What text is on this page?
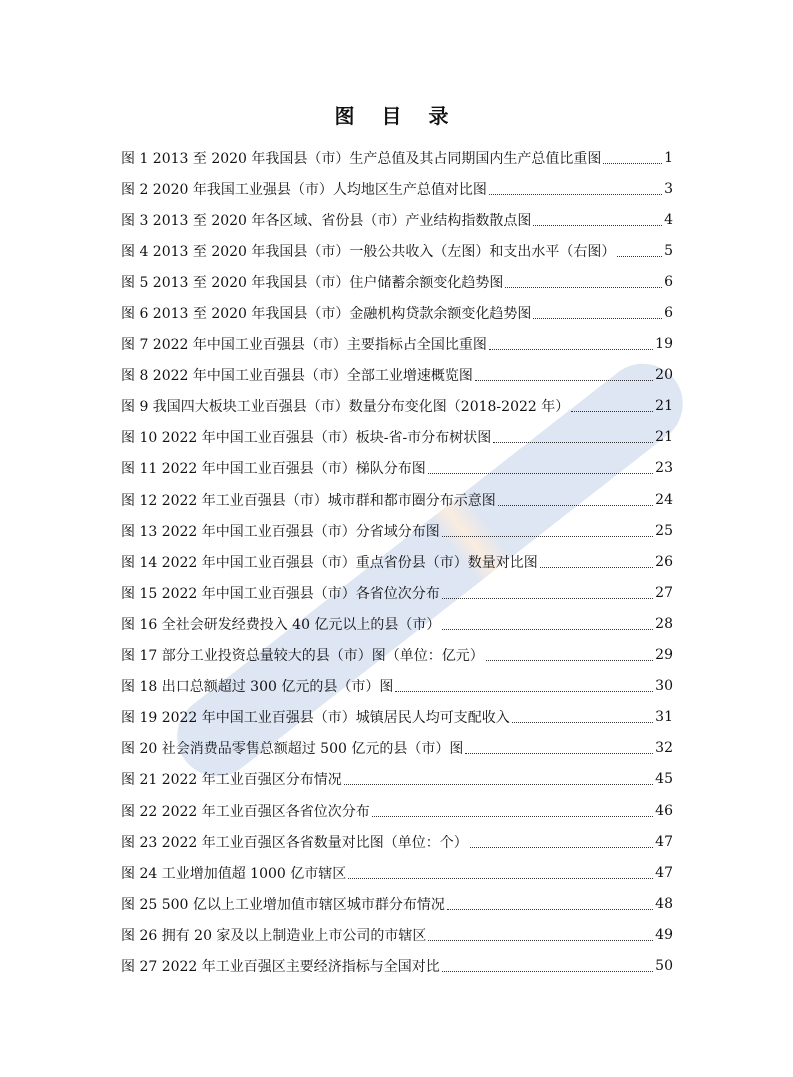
图 目 录
图 1 2013 至 2020 年我国县（市）生产总值及其占同期国内生产总值比重图	1
图 2 2020 年我国工业强县（市）人均地区生产总值对比图	3
图 3 2013 至 2020 年各区域、省份县（市）产业结构指数散点图	4
图 4 2013 至 2020 年我国县（市）一般公共收入（左图）和支出水平（右图）	5
图 5 2013 至 2020 年我国县（市）住户储蓄余额变化趋势图	6
图 6 2013 至 2020 年我国县（市）金融机构贷款余额变化趋势图	6
图 7 2022 年中国工业百强县（市）主要指标占全国比重图	19
图 8 2022 年中国工业百强县（市）全部工业增速概览图	20
图 9 我国四大板块工业百强县（市）数量分布变化图（2018-2022 年）	21
图 10 2022 年中国工业百强县（市）板块-省-市分布树状图	21
图 11 2022 年中国工业百强县（市）梯队分布图	23
图 12 2022 年工业百强县（市）城市群和都市圈分布示意图	24
图 13 2022 年中国工业百强县（市）分省域分布图	25
图 14 2022 年中国工业百强县（市）重点省份县（市）数量对比图	26
图 15 2022 年中国工业百强县（市）各省位次分布	27
图 16 全社会研发经费投入 40 亿元以上的县（市）	28
图 17 部分工业投资总量较大的县（市）图（单位：亿元）	29
图 18 出口总额超过 300 亿元的县（市）图	30
图 19 2022 年中国工业百强县（市）城镇居民人均可支配收入	31
图 20 社会消费品零售总额超过 500 亿元的县（市）图	32
图 21 2022 年工业百强区分布情况	45
图 22 2022 年工业百强区各省位次分布	46
图 23 2022 年工业百强区各省数量对比图（单位：个）	47
图 24 工业增加值超 1000 亿市辖区	47
图 25 500 亿以上工业增加值市辖区城市群分布情况	48
图 26 拥有 20 家及以上制造业上市公司的市辖区	49
图 27 2022 年工业百强区主要经济指标与全国对比	50
